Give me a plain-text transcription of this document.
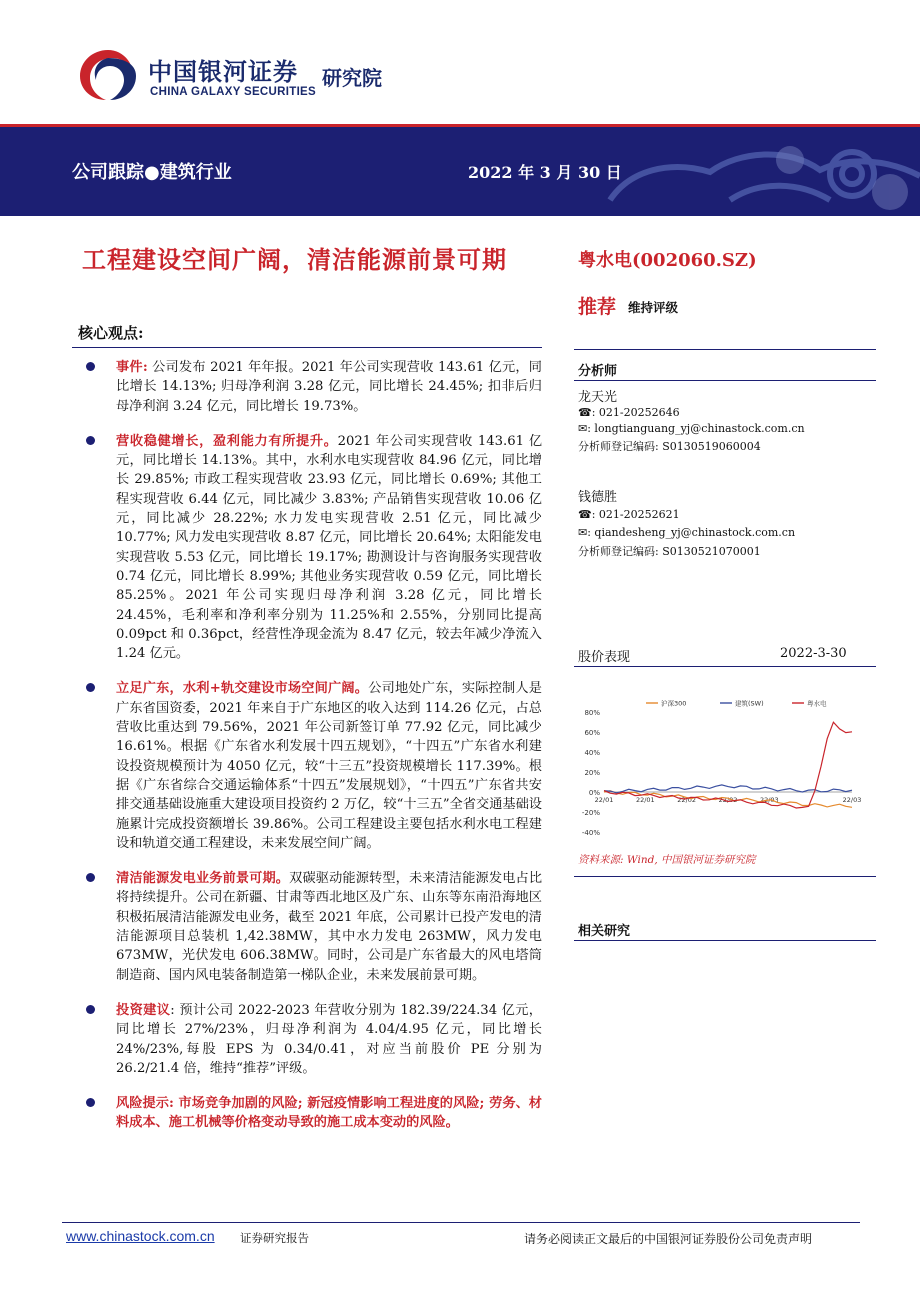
中国银河证券
CHINA GALAXY SECURITIES
研究院
公司跟踪●建筑行业	2022 年 3 月 30 日
工程建设空间广阔，清洁能源前景可期
核心观点:
事件: 公司发布 2021 年年报。2021 年公司实现营收 143.61 亿元，同比增长 14.13%; 归母净利润 3.28 亿元，同比增长 24.45%; 扣非后归母净利润 3.24 亿元，同比增长 19.73%。
营收稳健增长，盈利能力有所提升。2021 年公司实现营收 143.61 亿元，同比增长 14.13%。其中，水利水电实现营收 84.96 亿元，同比增长 29.85%; 市政工程实现营收 23.93 亿元，同比增长 0.69%; 其他工程实现营收 6.44 亿元，同比减少 3.83%; 产品销售实现营收 10.06 亿元，同比减少 28.22%; 水力发电实现营收 2.51 亿元，同比减少 10.77%; 风力发电实现营收 8.87 亿元，同比增长 20.64%; 太阳能发电实现营收 5.53 亿元，同比增长 19.17%; 勘测设计与咨询服务实现营收 0.74 亿元，同比增长 8.99%; 其他业务实现营收 0.59 亿元，同比增长 85.25%。2021 年公司实现归母净利润 3.28 亿元，同比增长 24.45%，毛利率和净利率分别为 11.25%和 2.55%，分别同比提高 0.09pct 和 0.36pct，经营性净现金流为 8.47 亿元，较去年减少净流入 1.24 亿元。
立足广东，水利+轨交建设市场空间广阔。公司地处广东，实际控制人是广东省国资委，2021 年来自于广东地区的收入达到 114.26 亿元，占总营收比重达到 79.56%，2021 年公司新签订单 77.92 亿元，同比减少 16.61%。根据《广东省水利发展十四五规划》，“十四五”广东省水利建设投资规模预计为 4050 亿元，较“十三五”投资规模增长 117.39%。根据《广东省综合交通运输体系“十四五”发展规划》，“十四五”广东省共安排交通基础设施重大建设项目投资约 2 万亿，较“十三五”全省交通基础设施累计完成投资额增长 39.86%。公司工程建设主要包括水利水电工程建设和轨道交通工程建设，未来发展空间广阔。
清洁能源发电业务前景可期。双碳驱动能源转型，未来清洁能源发电占比将持续提升。公司在新疆、甘肃等西北地区及广东、山东等东南沿海地区积极拓展清洁能源发电业务，截至 2021 年底，公司累计已投产发电的清洁能源项目总装机 1,42.38MW，其中水力发电 263MW，风力发电 673MW，光伏发电 606.38MW。同时，公司是广东省最大的风电塔筒制造商、国内风电装备制造第一梯队企业，未来发展前景可期。
投资建议: 预计公司 2022-2023 年营收分别为 182.39/224.34 亿元，同比增长 27%/23%，归母净利润为 4.04/4.95 亿元，同比增长 24%/23%,每股 EPS 为 0.34/0.41，对应当前股价 PE 分别为 26.2/21.4 倍，维持“推荐”评级。
风险提示: 市场竞争加剧的风险; 新冠疫情影响工程进度的风险; 劳务、材料成本、施工机械等价格变动导致的施工成本变动的风险。
粤水电(002060.SZ)
推荐 维持评级
分析师
龙天光
☎: 021-20252646
✉: longtianguang_yj@chinastock.com.cn
分析师登记编码: S0130519060004
钱德胜
☎: 021-20252621
✉: qiandesheng_yj@chinastock.com.cn
分析师登记编码: S0130521070001
股价表现	2022-3-30
80%
60%
40%
20%
0%
-20%
-40%
22/01	22/01	22/02	22/02	22/03	22/03
沪深300	建筑(SW)	粤水电
资料来源: Wind, 中国银河证券研究院
相关研究
www.chinastock.com.cn 证券研究报告	请务必阅读正文最后的中国银河证券股份公司免责声明
